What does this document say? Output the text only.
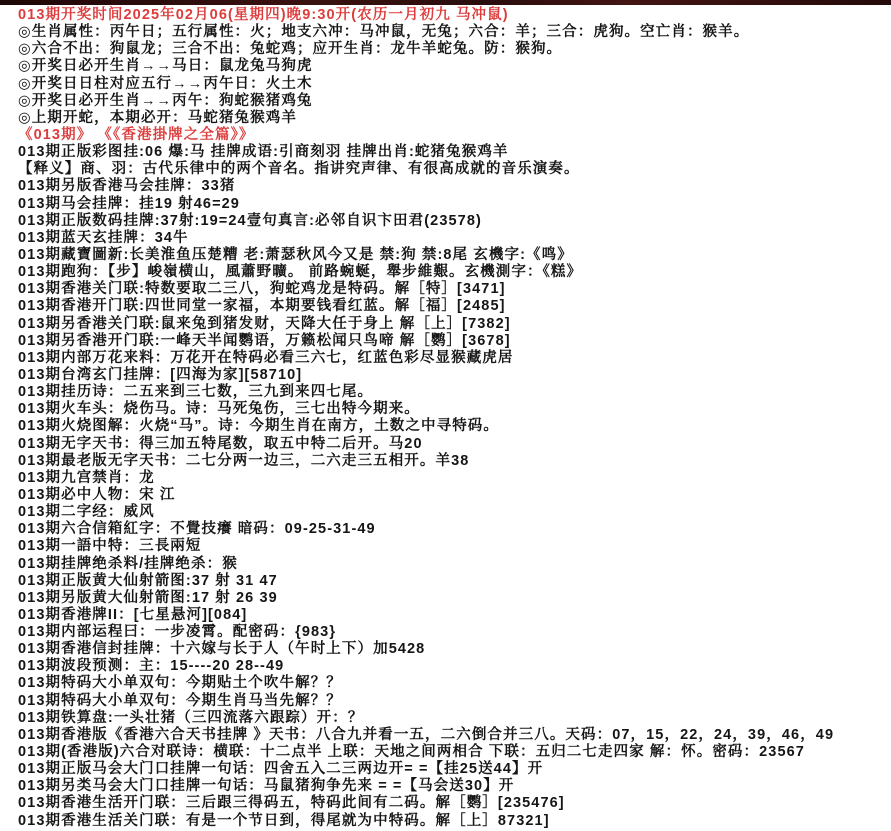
013期开奖时间2025年02月06(星期四)晚9:30开(农历一月初九 马冲鼠)
◎生肖属性：丙午日；五行属性：火；地支六冲：马冲鼠，无兔；六合：羊；三合：虎狗。空亡肖：猴羊。
◎六合不出：狗鼠龙；三合不出：兔蛇鸡；应开生肖：龙牛羊蛇兔。防：猴狗。
◎开奖日必开生肖→→马日：鼠龙兔马狗虎
◎开奖日日柱对应五行→→丙午日：火土木
◎开奖日必开生肖→→丙午：狗蛇猴猪鸡兔
◎上期开蛇，本期必开：马蛇猪兔猴鸡羊
《013期》 《《香港掛牌之全篇》》
013期正版彩图挂:06 爆:马 挂牌成语:引商刻羽 挂牌出肖:蛇猪兔猴鸡羊
【释义】商、羽：古代乐律中的两个音名。指讲究声律、有很高成就的音乐演奏。
013期另版香港马会挂牌：33猪
013期马会挂牌：挂19 射46=29
013期正版数码挂牌:37射:19=24壹句真言:必邻自识卞田君(23578)
013期蓝天玄挂牌：34牛
013期藏寶圖新:长美淮鱼压楚糟 老:萧瑟秋风今又是 禁:狗 禁:8尾 玄機字:《鸣》
013期跑狗：【步】峻嶺横山，風蕭野曠。 前路蜿蜒，舉步維艱。玄機測字：《糕》
013期香港关门联:特数要取二三八，狗蛇鸡龙是特码。解［特］[3471]
013期香港开门联:四世同堂一家福，本期要钱看红蓝。解［福］[2485]
013期另香港关门联:鼠来兔到猪发财，天降大任于身上 解［上］[7382]
013期另香港开门联:一峰天半闻鹦语，万籁松闻只鸟啼 解［鹦］[3678]
013期内部万花来料：万花开在特码必看三六七，红蓝色彩尽显猴藏虎居
013期台湾玄门挂牌：[四海为家][58710]
013期挂历诗：二五来到三七数，三九到来四七尾。
013期火车头：烧伤马。诗：马死兔伤，三七出特今期来。
013期火烧图解：火烧“马”。诗：今期生肖在南方，土数之中寻特码。
013期无字天书：得三加五特尾数，取五中特二后开。马20
013期最老版无字天书：二七分两一边三，二六走三五相开。羊38
013期九宫禁肖：龙
013期必中人物：宋 江
013期二字经：威风
013期六合信箱紅字：不覺技癢 暗码：09-25-31-49
013期一語中特：三長兩短
013期挂牌绝杀料/挂牌绝杀：猴
013期正版黄大仙射箭图:37 射 31 47
013期另版黄大仙射箭图:17 射 26 39
013期香港牌II：[七星悬河][084]
013期内部运程曰：一步凌霄。配密码：{983}
013期香港信封挂牌：十六嫁与长于人（午时上下）加5428
013期波段预测：主：15----20 28--49
013期特码大小单双句：今期贴土个吹牛解？？
013期特码大小单双句：今期生肖马当先解？？
013期铁算盘:一头壮猪（三四流落六跟踪）开：？
013期香港版《香港六合天书挂牌 》天书：八合九并看一五，二六倒合并三八。天码：07，15，22，24，39，46，49
013期(香港版)六合对联诗：横联：十二点半 上联：天地之间两相合 下联：五归二七走四家 解：怀。密码：23567
013期正版马会大门口挂牌一句话：四舍五入二三两边开= =【挂25送44】开
013期另类马会大门口挂牌一句话：马鼠猪狗争先来 = =【马会送30】开
013期香港生活开门联：三后跟三得码五，特码此间有二码。解［鹦］[235476]
013期香港生活关门联：有是一个节日到，得尾就为中特码。解［上］87321]
